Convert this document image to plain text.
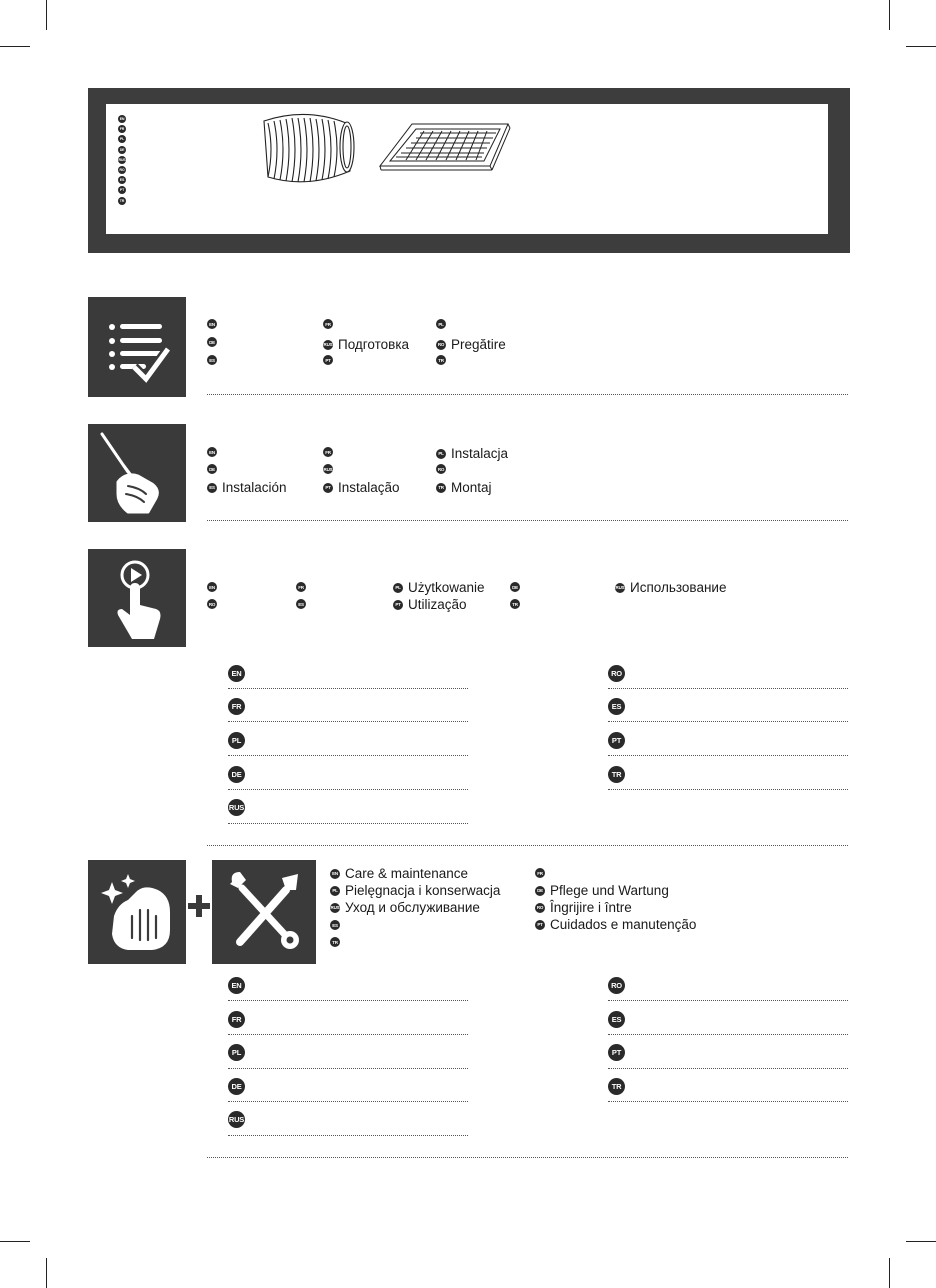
EN
FR
PL
DE
RUS
RO
ES
PT
TR
EN	FR	PL
DE	RUS Подготовка	RO Pregătire
ES	PT	TR
EN	FR	PL Instalacja
DE	RUS	RO
ES Instalación	PT Instalação	TR Montaj
EN	FR	PL Użytkowanie	DE	RUS Использование
RO	ES	PT Utilização	TR
EN
FR
PL
DE
RUS
RO
ES
PT
TR
EN Care & maintenance	FR
PL Pielęgnacja i konserwacja	DE Pflege und Wartung
RUS Уход и обслуживание	RO Îngrijire i între
ES	PT Cuidados e manutenção
TR
EN
FR
PL
DE
RUS
RO
ES
PT
TR
